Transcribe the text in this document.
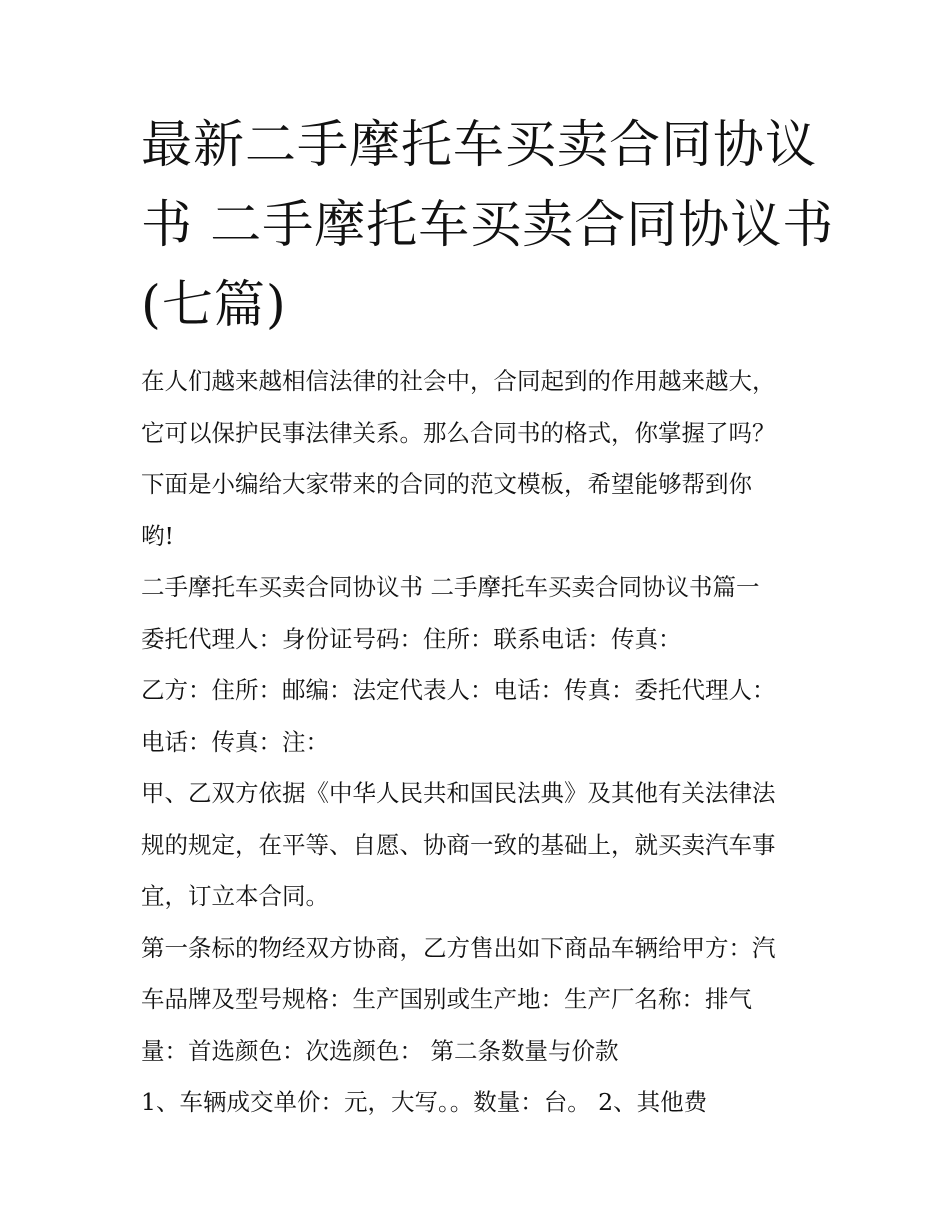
最新二手摩托车买卖合同协议
书 二手摩托车买卖合同协议书
(七篇)

在人们越来越相信法律的社会中，合同起到的作用越来越大，
它可以保护民事法律关系。那么合同书的格式，你掌握了吗？
下面是小编给大家带来的合同的范文模板，希望能够帮到你
哟!

二手摩托车买卖合同协议书 二手摩托车买卖合同协议书篇一

委托代理人：身份证号码：住所：联系电话：传真：

乙方：住所：邮编：法定代表人：电话：传真：委托代理人：
电话：传真：注：

甲、乙双方依据《中华人民共和国民法典》及其他有关法律法
规的规定，在平等、自愿、协商一致的基础上，就买卖汽车事
宜，订立本合同。

第一条标的物经双方协商，乙方售出如下商品车辆给甲方：汽
车品牌及型号规格：生产国别或生产地：生产厂名称：排气
量：首选颜色：次选颜色： 第二条数量与价款

1、车辆成交单价：元，大写。。数量：台。 2、其他费
